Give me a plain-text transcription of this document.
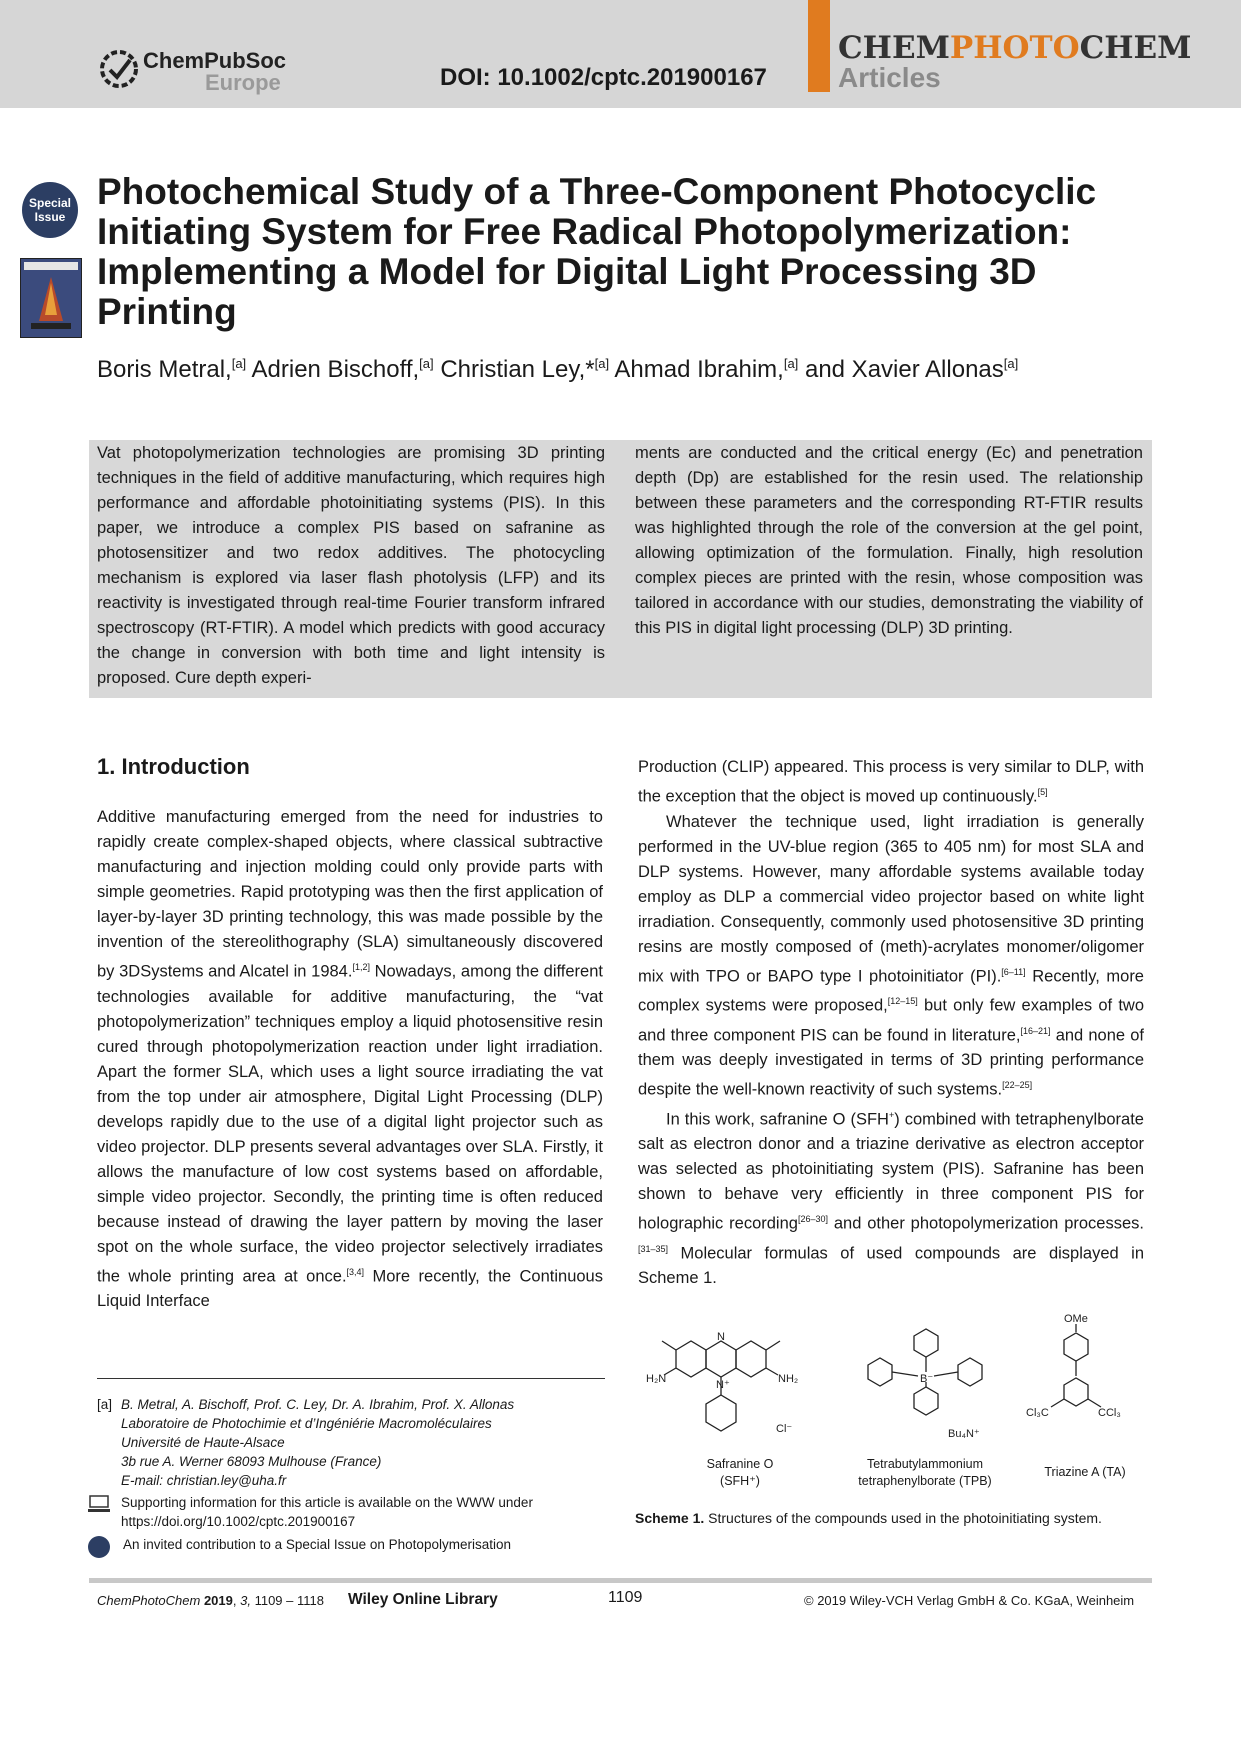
ChemPubSoc
Europe	DOI: 10.1002/cptc.201900167
CHEMPHOTOCHEM
Articles
Special
Issue
Photochemical Study of a Three-Component Photocyclic Initiating System for Free Radical Photopolymerization: Implementing a Model for Digital Light Processing 3D Printing
Boris Metral,[a] Adrien Bischoff,[a] Christian Ley,*[a] Ahmad Ibrahim,[a] and Xavier Allonas[a]
Vat photopolymerization technologies are promising 3D printing techniques in the field of additive manufacturing, which requires high performance and affordable photoinitiating systems (PIS). In this paper, we introduce a complex PIS based on safranine as photosensitizer and two redox additives. The photocycling mechanism is explored via laser flash photolysis (LFP) and its reactivity is investigated through real-time Fourier transform infrared spectroscopy (RT-FTIR). A model which predicts with good accuracy the change in conversion with both time and light intensity is proposed. Cure depth experi-
ments are conducted and the critical energy (Ec) and penetration depth (Dp) are established for the resin used. The relationship between these parameters and the corresponding RT-FTIR results was highlighted through the role of the conversion at the gel point, allowing optimization of the formulation. Finally, high resolution complex pieces are printed with the resin, whose composition was tailored in accordance with our studies, demonstrating the viability of this PIS in digital light processing (DLP) 3D printing.
1. Introduction

Additive manufacturing emerged from the need for industries to rapidly create complex-shaped objects, where classical subtractive manufacturing and injection molding could only provide parts with simple geometries. Rapid prototyping was then the first application of layer-by-layer 3D printing technology, this was made possible by the invention of the stereolithography (SLA) simultaneously discovered by 3DSystems and Alcatel in 1984.[1,2] Nowadays, among the different technologies available for additive manufacturing, the “vat photopolymerization” techniques employ a liquid photosensitive resin cured through photopolymerization reaction under light irradiation. Apart the former SLA, which uses a light source irradiating the vat from the top under air atmosphere, Digital Light Processing (DLP) develops rapidly due to the use of a digital light projector such as video projector. DLP presents several advantages over SLA. Firstly, it allows the manufacture of low cost systems based on affordable, simple video projector. Secondly, the printing time is often reduced because instead of drawing the layer pattern by moving the laser spot on the whole surface, the video projector selectively irradiates the whole printing area at once.[3,4] More recently, the Continuous Liquid Interface

Production (CLIP) appeared. This process is very similar to DLP, with the exception that the object is moved up continuously.[5]

Whatever the technique used, light irradiation is generally performed in the UV-blue region (365 to 405 nm) for most SLA and DLP systems. However, many affordable systems available today employ as DLP a commercial video projector based on white light irradiation. Consequently, commonly used photosensitive 3D printing resins are mostly composed of (meth)-acrylates monomer/oligomer mix with TPO or BAPO type I photoinitiator (PI).[6–11] Recently, more complex systems were proposed,[12–15] but only few examples of two and three component PIS can be found in literature,[16–21] and none of them was deeply investigated in terms of 3D printing performance despite the well-known reactivity of such systems.[22–25]

In this work, safranine O (SFH+) combined with tetraphenylborate salt as electron donor and a triazine derivative as electron acceptor was selected as photoinitiating system (PIS). Safranine has been shown to behave very efficiently in three component PIS for holographic recording[26–30] and other photopolymerization processes.[31–35] Molecular formulas of used compounds are displayed in Scheme 1.

H₂N	NH₂
N
N⁺
Cl⁻
B⁻
Bu₄N⁺
OMe
Cl₃C	CCl₃
Safranine O
(SFH⁺)
Tetrabutylammonium
tetraphenylborate (TPB)
Triazine A (TA)
Scheme 1. Structures of the compounds used in the photoinitiating system.
[a] B. Metral, A. Bischoff, Prof. C. Ley, Dr. A. Ibrahim, Prof. X. Allonas
Laboratoire de Photochimie et d’Ingéniérie Macromoléculaires
Université de Haute-Alsace
3b rue A. Werner 68093 Mulhouse (France)
E-mail: christian.ley@uha.fr
Supporting information for this article is available on the WWW under https://doi.org/10.1002/cptc.201900167
An invited contribution to a Special Issue on Photopolymerisation
ChemPhotoChem 2019, 3, 1109 – 1118 Wiley Online Library	1109	© 2019 Wiley-VCH Verlag GmbH & Co. KGaA, Weinheim
